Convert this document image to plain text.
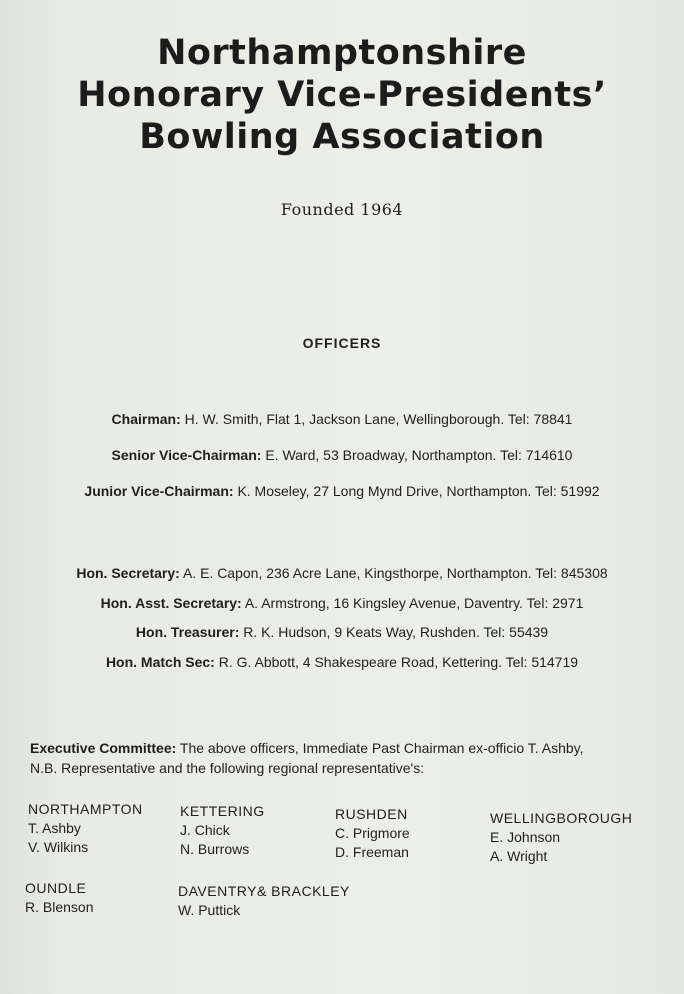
Northamptonshire
Honorary Vice-Presidents’
Bowling Association
Founded 1964
OFFICERS
Chairman: H. W. Smith, Flat 1, Jackson Lane, Wellingborough. Tel: 78841
Senior Vice-Chairman: E. Ward, 53 Broadway, Northampton. Tel: 714610
Junior Vice-Chairman: K. Moseley, 27 Long Mynd Drive, Northampton. Tel: 51992
Hon. Secretary: A. E. Capon, 236 Acre Lane, Kingsthorpe, Northampton. Tel: 845308
Hon. Asst. Secretary: A. Armstrong, 16 Kingsley Avenue, Daventry. Tel: 2971
Hon. Treasurer: R. K. Hudson, 9 Keats Way, Rushden. Tel: 55439
Hon. Match Sec: R. G. Abbott, 4 Shakespeare Road, Kettering. Tel: 514719
Executive Committee: The above officers, Immediate Past Chairman ex-officio T. Ashby,
N.B. Representative and the following regional representative's:
NORTHAMPTON
T. Ashby
V. Wilkins
KETTERING
J. Chick
N. Burrows
RUSHDEN
C. Prigmore
D. Freeman
WELLINGBOROUGH
E. Johnson
A. Wright
OUNDLE
R. Blenson
DAVENTRY& BRACKLEY
W. Puttick
